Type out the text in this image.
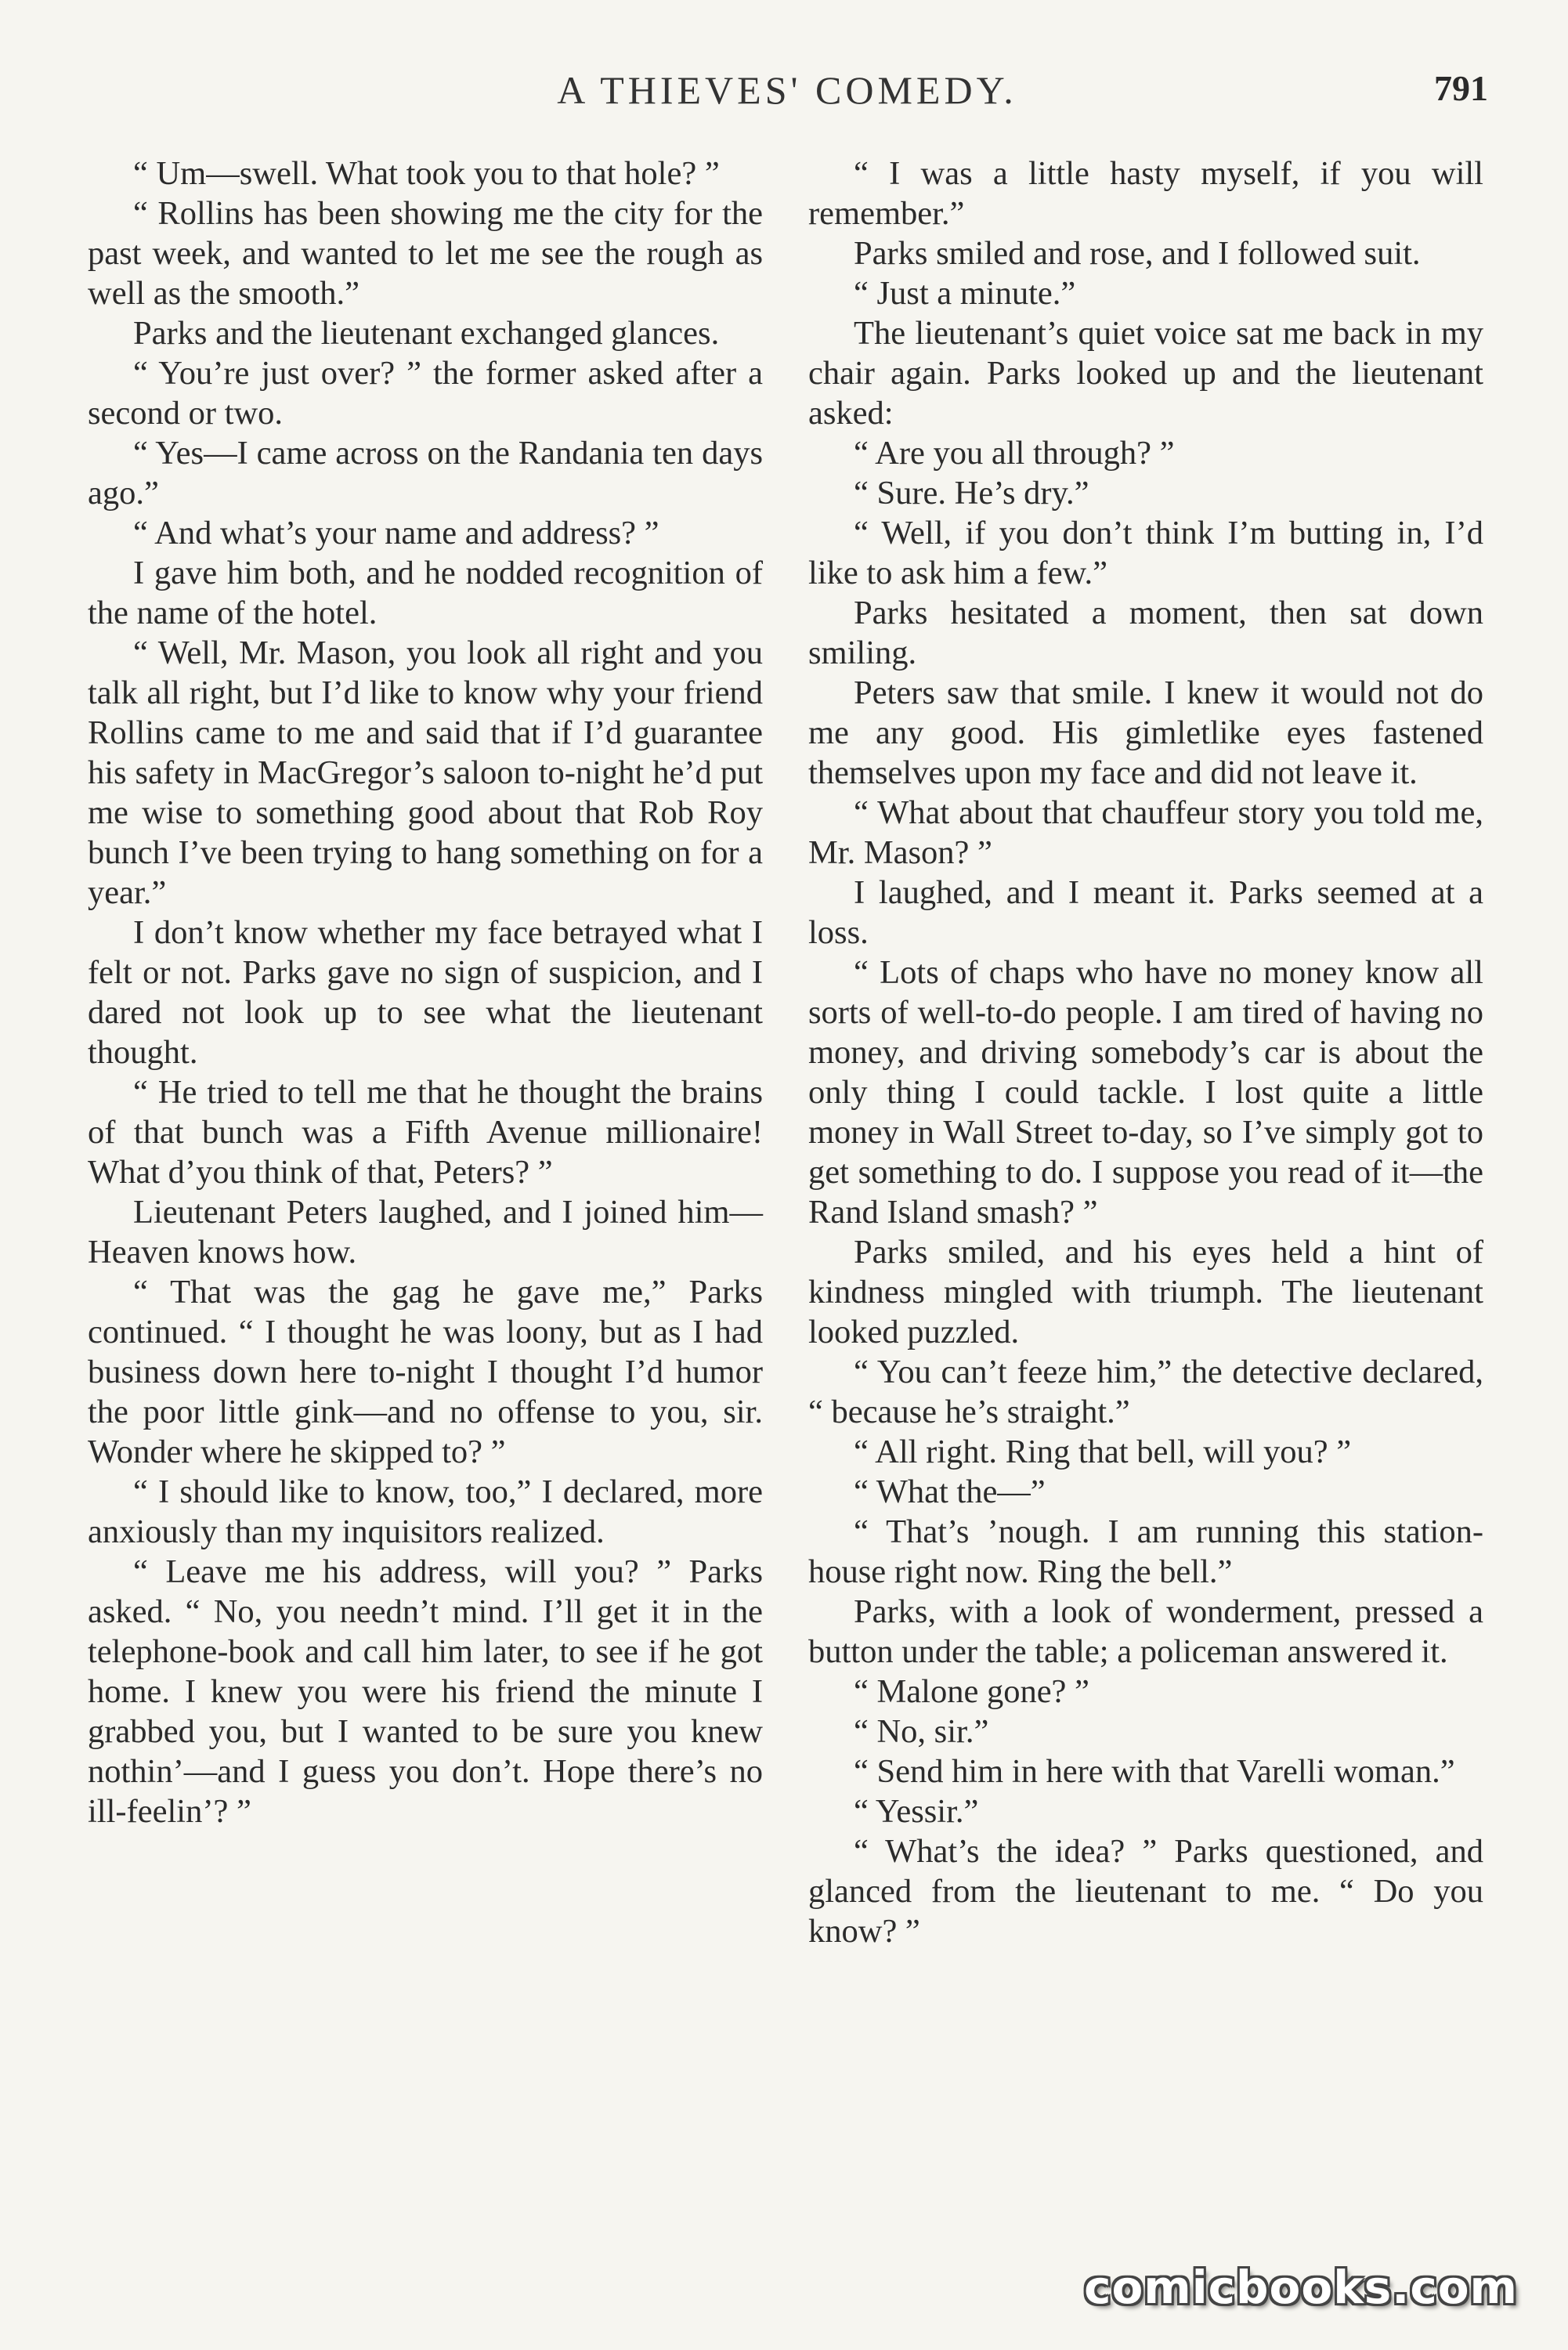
A THIEVES' COMEDY.	791

“ Um—swell. What took you to that hole? ”

“ Rollins has been showing me the city for the past week, and wanted to let me see the rough as well as the smooth.”

Parks and the lieutenant exchanged glances.

“ You’re just over? ” the former asked after a second or two.

“ Yes—I came across on the Randania ten days ago.”

“ And what’s your name and address? ”

I gave him both, and he nodded recognition of the name of the hotel.

“ Well, Mr. Mason, you look all right and you talk all right, but I’d like to know why your friend Rollins came to me and said that if I’d guarantee his safety in MacGregor’s saloon to-night he’d put me wise to something good about that Rob Roy bunch I’ve been trying to hang something on for a year.”

I don’t know whether my face betrayed what I felt or not. Parks gave no sign of suspicion, and I dared not look up to see what the lieutenant thought.

“ He tried to tell me that he thought the brains of that bunch was a Fifth Avenue millionaire! What d’you think of that, Peters? ”

Lieutenant Peters laughed, and I joined him—Heaven knows how.

“ That was the gag he gave me,” Parks continued. “ I thought he was loony, but as I had business down here to-night I thought I’d humor the poor little gink—and no offense to you, sir. Wonder where he skipped to? ”

“ I should like to know, too,” I declared, more anxiously than my inquisitors realized.

“ Leave me his address, will you? ” Parks asked. “ No, you needn’t mind. I’ll get it in the telephone-book and call him later, to see if he got home. I knew you were his friend the minute I grabbed you, but I wanted to be sure you knew nothin’—and I guess you don’t. Hope there’s no ill-feelin’? ”

“ I was a little hasty myself, if you will remember.”

Parks smiled and rose, and I followed suit.

“ Just a minute.”

The lieutenant’s quiet voice sat me back in my chair again. Parks looked up and the lieutenant asked:

“ Are you all through? ”

“ Sure. He’s dry.”

“ Well, if you don’t think I’m butting in, I’d like to ask him a few.”

Parks hesitated a moment, then sat down smiling.

Peters saw that smile. I knew it would not do me any good. His gimletlike eyes fastened themselves upon my face and did not leave it.

“ What about that chauffeur story you told me, Mr. Mason? ”

I laughed, and I meant it. Parks seemed at a loss.

“ Lots of chaps who have no money know all sorts of well-to-do people. I am tired of having no money, and driving somebody’s car is about the only thing I could tackle. I lost quite a little money in Wall Street to-day, so I’ve simply got to get something to do. I suppose you read of it—the Rand Island smash? ”

Parks smiled, and his eyes held a hint of kindness mingled with triumph. The lieutenant looked puzzled.

“ You can’t feeze him,” the detective declared, “ because he’s straight.”

“ All right. Ring that bell, will you? ”

“ What the—”

“ That’s ’nough. I am running this station-house right now. Ring the bell.”

Parks, with a look of wonderment, pressed a button under the table; a policeman answered it.

“ Malone gone? ”

“ No, sir.”

“ Send him in here with that Varelli woman.”

“ Yessir.”

“ What’s the idea? ” Parks questioned, and glanced from the lieutenant to me. “ Do you know? ”

comicbooks.com
